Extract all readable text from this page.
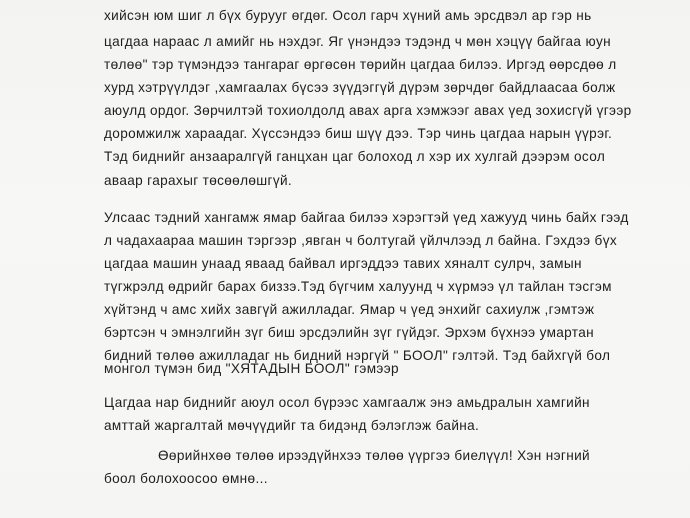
хийсэн юм шиг л бүх бурууг өгдөг. Осол гарч хүний амь эрсдвэл ар гэр нь
цагдаа нараас л амийг нь нэхдэг. Яг үнэндээ тэдэнд ч мөн хэцүү байгаа юун
төлөө" тэр түмэндээ тангараг өргөсөн төрийн цагдаа билээ. Иргэд өөрсдөө л
хурд хэтрүүлдэг ,хамгаалах бүсээ зүүдэггүй дүрэм зөрчдөг байдлаасаа болж
аюулд ордог. Зөрчилтэй тохиолдолд авах арга хэмжээг авах үед зохисгүй үгээр
доромжилж хараадаг. Хүссэндээ биш шүү дээ. Тэр чинь цагдаа нарын үүрэг.
Тэд биднийг анзааралгүй ганцхан цаг болоход л хэр их хулгай дээрэм осол
аваар гарахыг төсөөлөшгүй.
Улсаас тэдний хангамж ямар байгаа билээ хэрэгтэй үед хажууд чинь байх гээд
л чадахаараа машин тэргээр ,явган ч болтугай үйлчлээд л байна. Гэхдээ бүх
цагдаа машин унаад яваад байвал иргэддээ тавих хяналт сулрч, замын
түгжрэлд өдрийг барах биззэ.Тэд бүгчим халуунд ч хүрмээ үл тайлан тэсгэм
хүйтэнд ч амс хийх завгүй ажилладаг. Ямар ч үед энхийг сахиулж ,гэмтэж
бэртсэн ч эмнэлгийн зүг биш эрсдэлийн зүг гүйдэг. Эрхэм бүхнээ умартан
бидний төлөө ажилладаг нь бидний нэргүй " БООЛ" гэлтэй. Тэд байхгүй бол
монгол түмэн бид "ХЯТАДЫН БООЛ" гэмээр
Цагдаа нар биднийг аюул осол бүрээс хамгаалж энэ амьдралын хамгийн
амттай жаргалтай мөчүүдийг та бидэнд бэлэглэж байна.
Өөрийнхөө төлөө ирээдүйнхээ төлөө үүргээ биелүүл! Хэн нэгний
боол болохоосоо өмнө...
